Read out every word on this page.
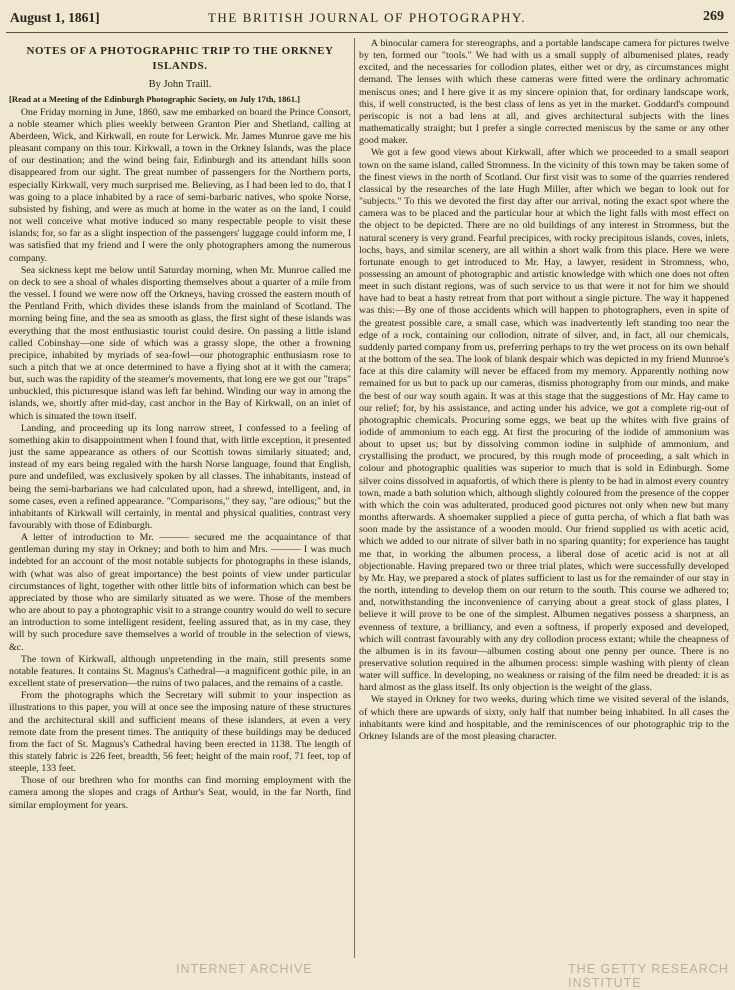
August 1, 1861]	THE BRITISH JOURNAL OF PHOTOGRAPHY.	269
NOTES OF A PHOTOGRAPHIC TRIP TO THE ORKNEY ISLANDS.
By John Traill.
[Read at a Meeting of the Edinburgh Photographic Society, on July 17th, 1861.]

One Friday morning in June, 1860, saw me embarked on board the Prince Consort, a noble steamer which plies weekly between Granton Pier and Shetland, calling at Aberdeen, Wick, and Kirkwall, en route for Lerwick. Mr. James Munroe gave me his pleasant company on this tour. Kirkwall, a town in the Orkney Islands, was the place of our destination; and the wind being fair, Edinburgh and its attendant hills soon disappeared from our sight. The great number of passengers for the Northern ports, especially Kirkwall, very much surprised me. Believing, as I had been led to do, that I was going to a place inhabited by a race of semi-barbaric natives, who spoke Norse, subsisted by fishing, and were as much at home in the water as on the land, I could not well conceive what motive induced so many respectable people to visit these islands; for, so far as a slight inspection of the passengers' luggage could inform me, I was satisfied that my friend and I were the only photographers among the numerous company.

Sea sickness kept me below until Saturday morning, when Mr. Munroe called me on deck to see a shoal of whales disporting themselves about a quarter of a mile from the vessel. I found we were now off the Orkneys, having crossed the eastern mouth of the Pentland Frith, which divides these islands from the mainland of Scotland. The morning being fine, and the sea as smooth as glass, the first sight of these islands was everything that the most enthusiastic tourist could desire. On passing a little island called Cobinshay—one side of which was a grassy slope, the other a frowning precipice, inhabited by myriads of sea-fowl—our photographic enthusiasm rose to such a pitch that we at once determined to have a flying shot at it with the camera; but, such was the rapidity of the steamer's movements, that long ere we got our "traps" unbuckled, this picturesque island was left far behind. Winding our way in among the islands, we, shortly after mid-day, cast anchor in the Bay of Kirkwall, on an inlet of which is situated the town itself.

Landing, and proceeding up its long narrow street, I confessed to a feeling of something akin to disappointment when I found that, with little exception, it presented just the same appearance as others of our Scottish towns similarly situated; and, instead of my ears being regaled with the harsh Norse language, found that English, pure and undefiled, was exclusively spoken by all classes. The inhabitants, instead of being the semi-barbarians we had calculated upon, had a shrewd, intelligent, and, in some cases, even a refined appearance. "Comparisons," they say, "are odious;" but the inhabitants of Kirkwall will certainly, in mental and physical qualities, contrast very favourably with those of Edinburgh.

A letter of introduction to Mr. ——— secured me the acquaintance of that gentleman during my stay in Orkney; and both to him and Mrs. ——— I was much indebted for an account of the most notable subjects for photographs in these islands, with (what was also of great importance) the best points of view under particular circumstances of light, together with other little bits of information which can best be appreciated by those who are similarly situated as we were. Those of the members who are about to pay a photographic visit to a strange country would do well to secure an introduction to some intelligent resident, feeling assured that, as in my case, they will by such procedure save themselves a world of trouble in the selection of views, &c.

The town of Kirkwall, although unpretending in the main, still presents some notable features. It contains St. Magnus's Cathedral—a magnificent gothic pile, in an excellent state of preservation—the ruins of two palaces, and the remains of a castle.

From the photographs which the Secretary will submit to your inspection as illustrations to this paper, you will at once see the imposing nature of these structures and the architectural skill and sufficient means of these islanders, at even a very remote date from the present times. The antiquity of these buildings may be deduced from the fact of St. Magnus's Cathedral having been erected in 1138. The length of this stately fabric is 226 feet, breadth, 56 feet; height of the main roof, 71 feet, top of steeple, 133 feet.

Those of our brethren who for months can find morning employment with the camera among the slopes and crags of Arthur's Seat, would, in the far North, find similar employment for years.

A binocular camera for stereographs, and a portable landscape camera for pictures twelve by ten, formed our "tools." We had with us a small supply of albumenised plates, ready excited, and the necessaries for collodion plates, either wet or dry, as circumstances might demand. The lenses with which these cameras were fitted were the ordinary achromatic meniscus ones; and I here give it as my sincere opinion that, for ordinary landscape work, this, if well constructed, is the best class of lens as yet in the market. Goddard's compound periscopic is not a bad lens at all, and gives architectural subjects with the lines mathematically straight; but I prefer a single corrected meniscus by the same or any other good maker.

We got a few good views about Kirkwall, after which we proceeded to a small seaport town on the same island, called Stromness. In the vicinity of this town may be taken some of the finest views in the north of Scotland. Our first visit was to some of the quarries rendered classical by the researches of the late Hugh Miller, after which we began to look out for "subjects." To this we devoted the first day after our arrival, noting the exact spot where the camera was to be placed and the particular hour at which the light falls with most effect on the object to be depicted. There are no old buildings of any interest in Stromness, but the natural scenery is very grand. Fearful precipices, with rocky precipitous islands, coves, inlets, lochs, bays, and similar scenery, are all within a short walk from this place. Here we were fortunate enough to get introduced to Mr. Hay, a lawyer, resident in Stromness, who, possessing an amount of photographic and artistic knowledge with which one does not often meet in such distant regions, was of such service to us that were it not for him we should have had to beat a hasty retreat from that port without a single picture. The way it happened was this:—By one of those accidents which will happen to photographers, even in spite of the greatest possible care, a small case, which was inadvertently left standing too near the edge of a rock, containing our collodion, nitrate of silver, and, in fact, all our chemicals, suddenly parted company from us, preferring perhaps to try the wet process on its own behalf at the bottom of the sea. The look of blank despair which was depicted in my friend Munroe's face at this dire calamity will never be effaced from my memory. Apparently nothing now remained for us but to pack up our cameras, dismiss photography from our minds, and make the best of our way south again. It was at this stage that the suggestions of Mr. Hay came to our relief; for, by his assistance, and acting under his advice, we got a complete rig-out of photographic chemicals. Procuring some eggs, we beat up the whites with five grains of iodide of ammonium to each egg. At first the procuring of the iodide of ammonium was about to upset us; but by dissolving common iodine in sulphide of ammonium, and crystallising the product, we procured, by this rough mode of proceeding, a salt which in colour and photographic qualities was superior to much that is sold in Edinburgh. Some silver coins dissolved in aquafortis, of which there is plenty to be had in almost every country town, made a bath solution which, although slightly coloured from the presence of the copper with which the coin was adulterated, produced good pictures not only when new but many months afterwards. A shoemaker supplied a piece of gutta percha, of which a flat bath was soon made by the assistance of a wooden mould. Our friend supplied us with acetic acid, which we added to our nitrate of silver bath in no sparing quantity; for experience has taught me that, in working the albumen process, a liberal dose of acetic acid is not at all objectionable. Having prepared two or three trial plates, which were successfully developed by Mr. Hay, we prepared a stock of plates sufficient to last us for the remainder of our stay in the north, intending to develop them on our return to the south. This course we adhered to; and, notwithstanding the inconvenience of carrying about a great stock of glass plates, I believe it will prove to be one of the simplest. Albumen negatives possess a sharpness, an evenness of texture, a brilliancy, and even a softness, if properly exposed and developed, which will contrast favourably with any dry collodion process extant; while the cheapness of the albumen is in its favour—albumen costing about one penny per ounce. There is no preservative solution required in the albumen process: simple washing with plenty of clean water will suffice. In developing, no weakness or raising of the film need be dreaded: it is as hard almost as the glass itself. Its only objection is the weight of the glass.

We stayed in Orkney for two weeks, during which time we visited several of the islands, of which there are upwards of sixty, only half that number being inhabited. In all cases the inhabitants were kind and hospitable, and the reminiscences of our photographic trip to the Orkney Islands are of the most pleasing character.

INTERNET ARCHIVE	THE GETTY RESEARCH INSTITUTE
